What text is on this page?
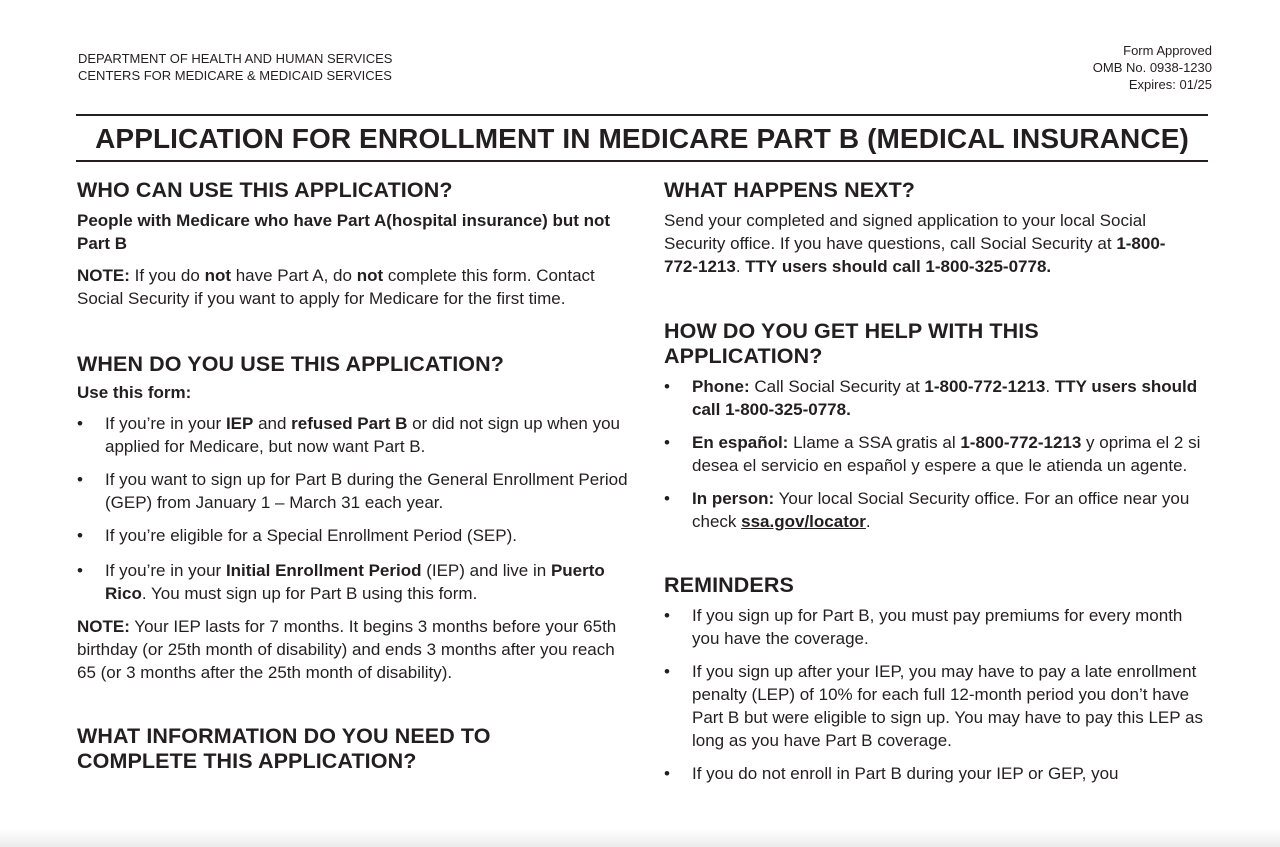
DEPARTMENT OF HEALTH AND HUMAN SERVICES
CENTERS FOR MEDICARE & MEDICAID SERVICES
Form Approved
OMB No. 0938-1230
Expires: 01/25
APPLICATION FOR ENROLLMENT IN MEDICARE PART B (MEDICAL INSURANCE)
WHO CAN USE THIS APPLICATION?

People with Medicare who have Part A(hospital insurance) but not Part B

NOTE: If you do not have Part A, do not complete this form. Contact Social Security if you want to apply for Medicare for the first time.

WHEN DO YOU USE THIS APPLICATION?

Use this form:

• If you’re in your IEP and refused Part B or did not sign up when you applied for Medicare, but now want Part B.
• If you want to sign up for Part B during the General Enrollment Period (GEP) from January 1 – March 31 each year.
• If you’re eligible for a Special Enrollment Period (SEP).
• If you’re in your Initial Enrollment Period (IEP) and live in Puerto Rico. You must sign up for Part B using this form.

NOTE: Your IEP lasts for 7 months. It begins 3 months before your 65th birthday (or 25th month of disability) and ends 3 months after you reach 65 (or 3 months after the 25th month of disability).

WHAT INFORMATION DO YOU NEED TO COMPLETE THIS APPLICATION?
WHAT HAPPENS NEXT?

Send your completed and signed application to your local Social Security office. If you have questions, call Social Security at 1-800-772-1213. TTY users should call 1-800-325-0778.

HOW DO YOU GET HELP WITH THIS APPLICATION?
• Phone: Call Social Security at 1-800-772-1213. TTY users should call 1-800-325-0778.
• En español: Llame a SSA gratis al 1-800-772-1213 y oprima el 2 si desea el servicio en español y espere a que le atienda un agente.
• In person: Your local Social Security office. For an office near you check ssa.gov/locator.
REMINDERS
• If you sign up for Part B, you must pay premiums for every month you have the coverage.
• If you sign up after your IEP, you may have to pay a late enrollment penalty (LEP) of 10% for each full 12-month period you don’t have Part B but were eligible to sign up. You may have to pay this LEP as long as you have Part B coverage.
• If you do not enroll in Part B during your IEP or GEP, you
